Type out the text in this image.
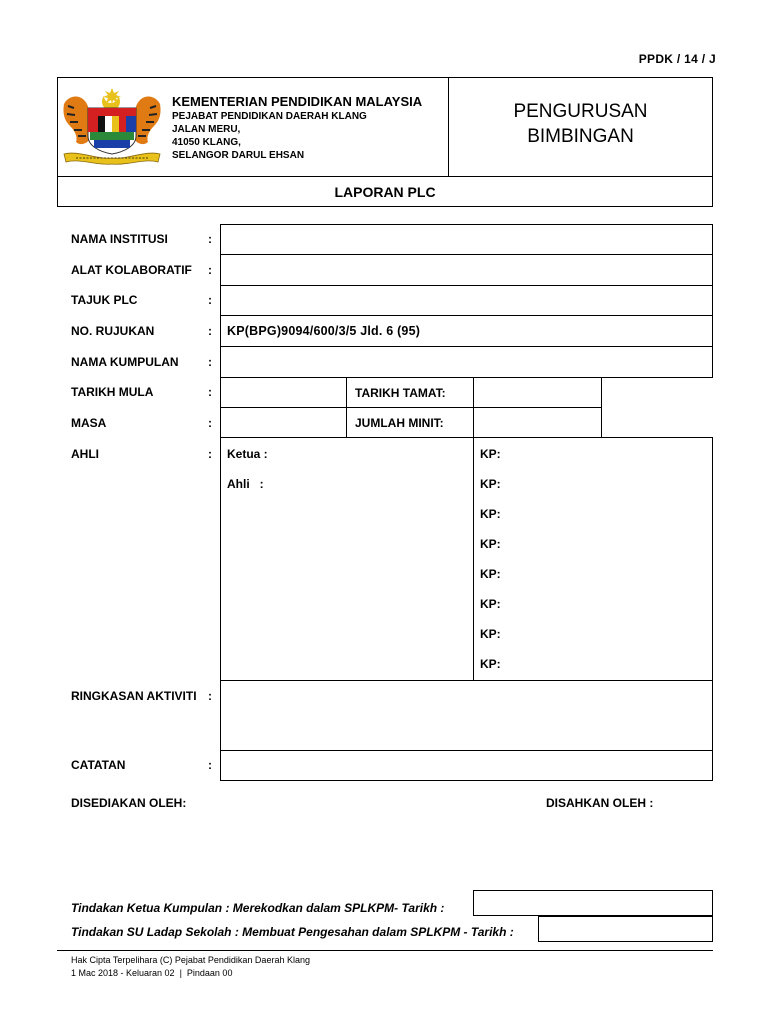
PPDK / 14 / J
KEMENTERIAN PENDIDIKAN MALAYSIA
PEJABAT PENDIDIKAN DAERAH KLANG
JALAN MERU,
41050 KLANG,
SELANGOR DARUL EHSAN
PENGURUSAN
BIMBINGAN
LAPORAN PLC
NAMA INSTITUSI	:
ALAT KOLABORATIF :
TAJUK PLC	:
NO. RUJUKAN	: KP(BPG)9094/600/3/5 Jld. 6 (95)
NAMA KUMPULAN :
TARIKH MULA	:	TARIKH TAMAT:
MASA	:	JUMLAH MINIT:
AHLI	: Ketua :
Ahli   :
KP:
KP:
KP:
KP:
KP:
KP:
KP:
KP:
RINGKASAN AKTIVITI :
CATATAN	:
DISEDIAKAN OLEH:	DISAHKAN OLEH :
Tindakan Ketua Kumpulan : Merekodkan dalam SPLKPM- Tarikh :
Tindakan SU Ladap Sekolah : Membuat Pengesahan dalam SPLKPM - Tarikh :
Hak Cipta Terpelihara (C) Pejabat Pendidikan Daerah Klang
1 Mac 2018 - Keluaran 02  |  Pindaan 00
